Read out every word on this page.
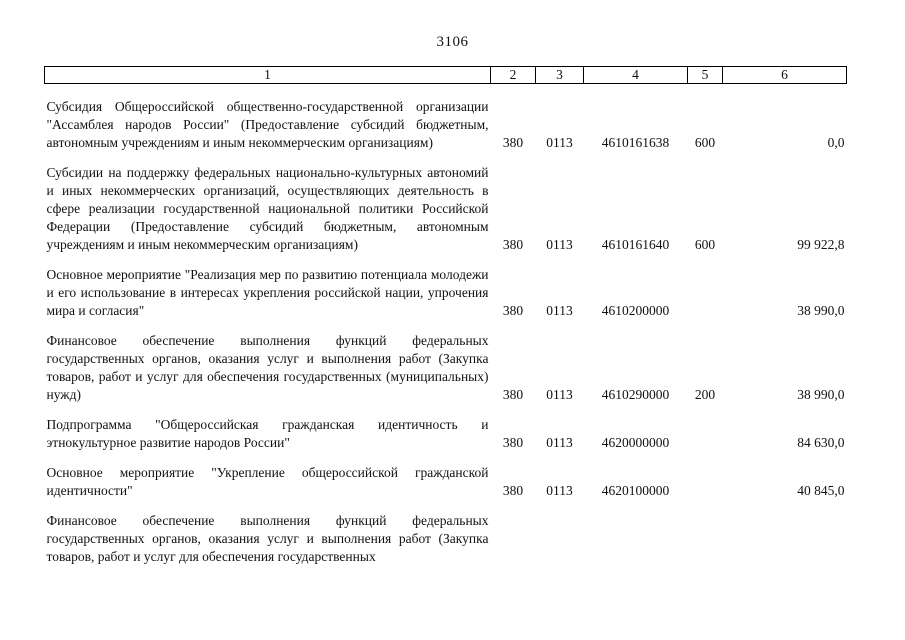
3106
1	2	3	4	5	6

Субсидия Общероссийской общественно-государственной организации "Ассамблея народов России" (Предоставление субсидий бюджетным, автономным учреждениям и иным некоммерческим организациям)	380	0113	4610161638	600	0,0
Субсидии на поддержку федеральных национально-культурных автономий и иных некоммерческих организаций, осуществляющих деятельность в сфере реализации государственной национальной политики Российской Федерации (Предоставление субсидий бюджетным, автономным учреждениям и иным некоммерческим организациям)	380	0113	4610161640	600	99 922,8
Основное мероприятие "Реализация мер по развитию потенциала молодежи и его использование в интересах укрепления российской нации, упрочения мира и согласия"	380	0113	4610200000		38 990,0
Финансовое обеспечение выполнения функций федеральных государственных органов, оказания услуг и выполнения работ (Закупка товаров, работ и услуг для обеспечения государственных (муниципальных) нужд)	380	0113	4610290000	200	38 990,0
Подпрограмма "Общероссийская гражданская идентичность и этнокультурное развитие народов России"	380	0113	4620000000		84 630,0
Основное мероприятие "Укрепление общероссийской гражданской идентичности"	380	0113	4620100000		40 845,0
Финансовое обеспечение выполнения функций федеральных государственных органов, оказания услуг и выполнения работ (Закупка товаров, работ и услуг для обеспечения государственных					
